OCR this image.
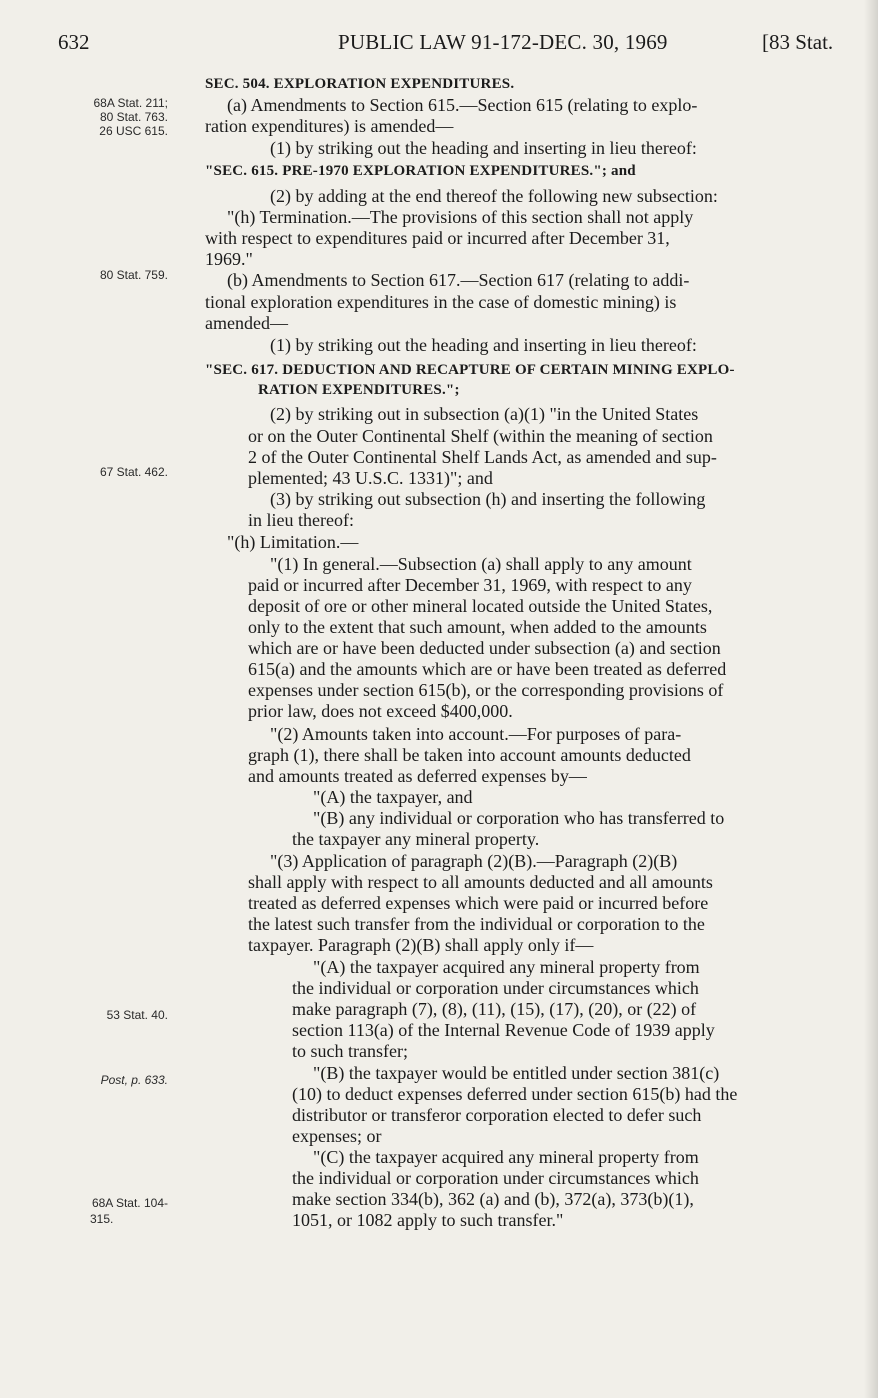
632	PUBLIC LAW 91-172-DEC. 30, 1969	[83 Stat.
68A Stat. 211;
80 Stat. 763.
26 USC 615.
80 Stat. 759.
67 Stat. 462.
53 Stat. 40.
Post, p. 633.
68A Stat. 104-
315.
SEC. 504. EXPLORATION EXPENDITURES.
(a) Amendments to Section 615.—Section 615 (relating to explo-
ration expenditures) is amended—
(1) by striking out the heading and inserting in lieu thereof:
"SEC. 615. PRE-1970 EXPLORATION EXPENDITURES."; and
(2) by adding at the end thereof the following new subsection:
"(h) Termination.—The provisions of this section shall not apply
with respect to expenditures paid or incurred after December 31,
1969."
(b) Amendments to Section 617.—Section 617 (relating to addi-
tional exploration expenditures in the case of domestic mining) is
amended—
(1) by striking out the heading and inserting in lieu thereof:
"SEC. 617. DEDUCTION AND RECAPTURE OF CERTAIN MINING EXPLO-
RATION EXPENDITURES.";
(2) by striking out in subsection (a)(1) "in the United States
or on the Outer Continental Shelf (within the meaning of section
2 of the Outer Continental Shelf Lands Act, as amended and sup-
plemented; 43 U.S.C. 1331)"; and
(3) by striking out subsection (h) and inserting the following
in lieu thereof:
"(h) Limitation.—
"(1) In general.—Subsection (a) shall apply to any amount
paid or incurred after December 31, 1969, with respect to any
deposit of ore or other mineral located outside the United States,
only to the extent that such amount, when added to the amounts
which are or have been deducted under subsection (a) and section
615(a) and the amounts which are or have been treated as deferred
expenses under section 615(b), or the corresponding provisions of
prior law, does not exceed $400,000.
"(2) Amounts taken into account.—For purposes of para-
graph (1), there shall be taken into account amounts deducted
and amounts treated as deferred expenses by—
"(A) the taxpayer, and
"(B) any individual or corporation who has transferred to
the taxpayer any mineral property.
"(3) Application of paragraph (2)(B).—Paragraph (2)(B)
shall apply with respect to all amounts deducted and all amounts
treated as deferred expenses which were paid or incurred before
the latest such transfer from the individual or corporation to the
taxpayer. Paragraph (2)(B) shall apply only if—
"(A) the taxpayer acquired any mineral property from
the individual or corporation under circumstances which
make paragraph (7), (8), (11), (15), (17), (20), or (22) of
section 113(a) of the Internal Revenue Code of 1939 apply
to such transfer;
"(B) the taxpayer would be entitled under section 381(c)
(10) to deduct expenses deferred under section 615(b) had the
distributor or transferor corporation elected to defer such
expenses; or
"(C) the taxpayer acquired any mineral property from
the individual or corporation under circumstances which
make section 334(b), 362 (a) and (b), 372(a), 373(b)(1),
1051, or 1082 apply to such transfer."
